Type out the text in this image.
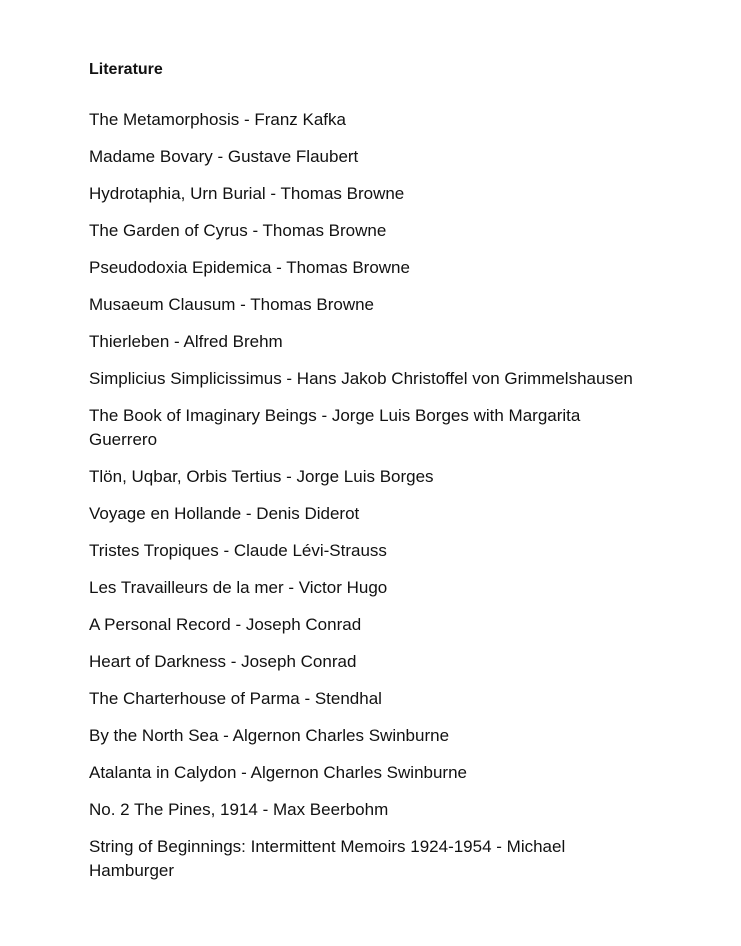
Literature
The Metamorphosis - Franz Kafka
Madame Bovary - Gustave Flaubert
Hydrotaphia, Urn Burial - Thomas Browne
The Garden of Cyrus - Thomas Browne
Pseudodoxia Epidemica - Thomas Browne
Musaeum Clausum - Thomas Browne
Thierleben - Alfred Brehm
Simplicius Simplicissimus - Hans Jakob Christoffel von Grimmelshausen
The Book of Imaginary Beings - Jorge Luis Borges with Margarita Guerrero
Tlön, Uqbar, Orbis Tertius - Jorge Luis Borges
Voyage en Hollande - Denis Diderot
Tristes Tropiques - Claude Lévi-Strauss
Les Travailleurs de la mer - Victor Hugo
A Personal Record - Joseph Conrad
Heart of Darkness - Joseph Conrad
The Charterhouse of Parma - Stendhal
By the North Sea - Algernon Charles Swinburne
Atalanta in Calydon - Algernon Charles Swinburne
No. 2 The Pines, 1914 - Max Beerbohm
String of Beginnings: Intermittent Memoirs 1924-1954 - Michael Hamburger
